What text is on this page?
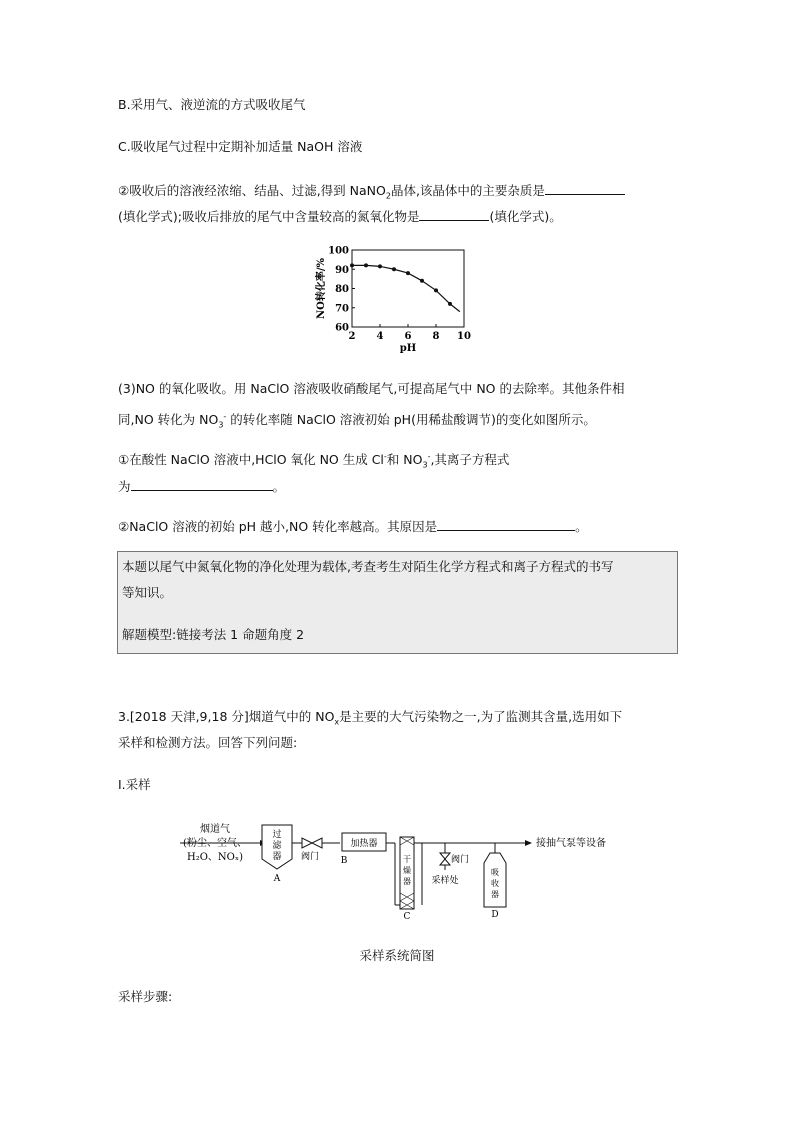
B.采用气、液逆流的方式吸收尾气
C.吸收尾气过程中定期补加适量 NaOH 溶液
②吸收后的溶液经浓缩、结晶、过滤,得到 NaNO$_2$晶体,该晶体中的主要杂质是
(填化学式);吸收后排放的尾气中含量较高的氮氧化物是	(填化学式)。
2 4 6 8 10
100
90
80
70
60
pH
NO转化率/%
(3)NO 的氧化吸收。用 NaClO 溶液吸收硝酸尾气,可提高尾气中 NO 的去除率。其他条件相
同,NO 转化为 $NO_3^-$ 的转化率随 NaClO 溶液初始 pH(用稀盐酸调节)的变化如图所示。
①在酸性 NaClO 溶液中,HClO 氧化 NO 生成 Cl-和 $NO_3^-$,其离子方程式
为	。
②NaClO 溶液的初始 pH 越小,NO 转化率越高。其原因是	。
本题以尾气中氮氧化物的净化处理为载体,考查考生对陌生化学方程式和离子方程式的书写
等知识。
解题模型:链接考法 1 命题角度 2
3.[2018 天津,9,18 分]烟道气中的 $NO_x$是主要的大气污染物之一,为了监测其含量,选用如下
采样和检测方法。回答下列问题:
Ⅰ.采样
烟道气
(粉尘、空气、
H₂O、NOₓ)
过
滤
器
A
阀门
加热器
B	干
燥
器
C
阀门
采样处
吸
收
器
D
接抽气泵等设备
采样系统简图
采样步骤:
